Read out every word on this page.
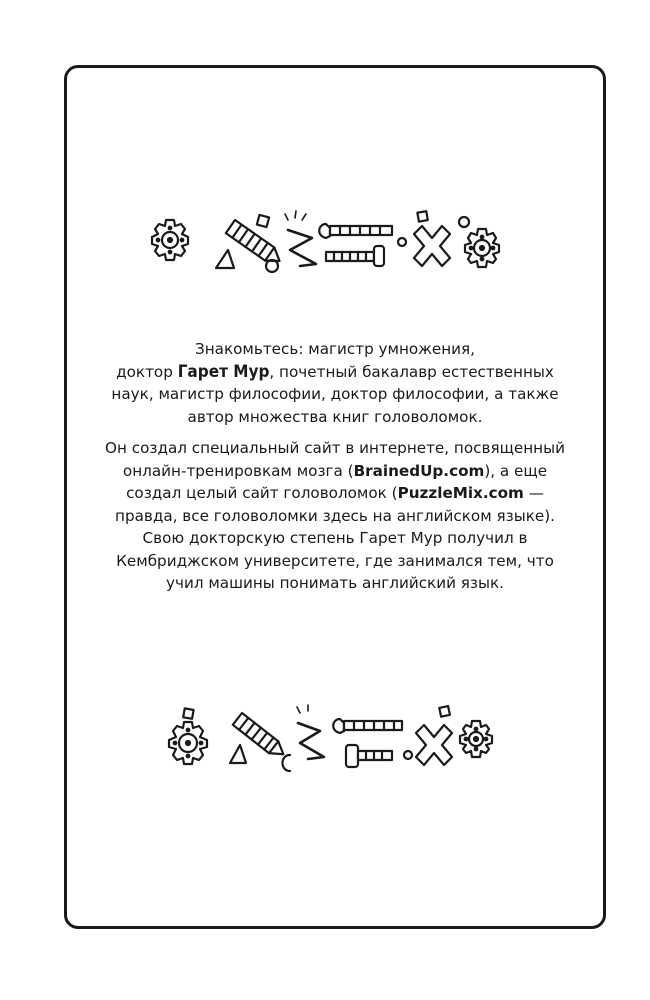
Знакомьтесь: магистр умножения,
доктор Гарет Мур, почетный бакалавр естественных наук, магистр философии, доктор философии, а также автор множества книг головоломок.

Он создал специальный сайт в интернете, посвященный онлайн-тренировкам мозга (BrainedUp.com), а еще создал целый сайт головоломок (PuzzleMix.com — правда, все головоломки здесь на английском языке). Свою докторскую степень Гарет Мур получил в Кембриджском университете, где занимался тем, что учил машины понимать английский язык.
